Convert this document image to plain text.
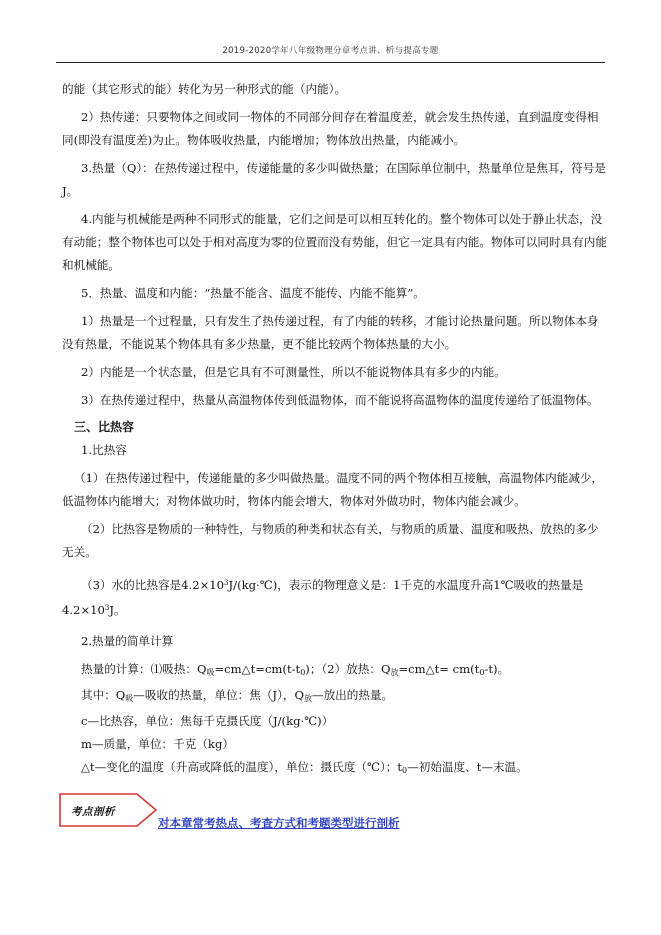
2019-2020学年八年级物理分章考点讲、析与提高专题

的能（其它形式的能）转化为另一种形式的能（内能）。

2）热传递：只要物体之间或同一物体的不同部分间存在着温度差，就会发生热传递，直到温度变得相同(即没有温度差)为止。物体吸收热量，内能增加；物体放出热量，内能减小。

3.热量（Q）：在热传递过程中，传递能量的多少叫做热量；在国际单位制中，热量单位是焦耳，符号是J。

4.内能与机械能是两种不同形式的能量，它们之间是可以相互转化的。整个物体可以处于静止状态，没有动能；整个物体也可以处于相对高度为零的位置而没有势能，但它一定具有内能。物体可以同时具有内能和机械能。

5．热量、温度和内能：“热量不能含、温度不能传、内能不能算”。

1）热量是一个过程量，只有发生了热传递过程，有了内能的转移，才能讨论热量问题。所以物体本身没有热量，不能说某个物体具有多少热量，更不能比较两个物体热量的大小。

2）内能是一个状态量，但是它具有不可测量性，所以不能说物体具有多少的内能。

3）在热传递过程中，热量从高温物体传到低温物体，而不能说将高温物体的温度传递给了低温物体。

三、比热容

1.比热容

（1）在热传递过程中，传递能量的多少叫做热量。温度不同的两个物体相互接触，高温物体内能减少，低温物体内能增大；对物体做功时，物体内能会增大，物体对外做功时，物体内能会减少。

（2）比热容是物质的一种特性，与物质的种类和状态有关，与物质的质量、温度和吸热、放热的多少无关。

（3）水的比热容是$4.2\times 10^3J/(kg\cdot℃)$，表示的物理意义是：1千克的水温度升高1℃吸收的热量是$4.2\times 10^3J$。

2.热量的简单计算

热量的计算：⑴吸热：$Q_吸=cm\triangle t=cm(t-t_0)$；（2）放热：$Q_放=cm\triangle t= cm(t_0-t)$。

其中：$Q_吸—$吸收的热量，单位：焦（J），$Q_放—$放出的热量。

c—比热容，单位：焦每千克摄氏度（J/(kg·℃)）

m—质量，单位：千克（kg）

△t—变化的温度（升高或降低的温度），单位：摄氏度（℃）；$t_0—$初始温度、t—末温。

考点剖析
对本章常考热点、考查方式和考题类型进行剖析
